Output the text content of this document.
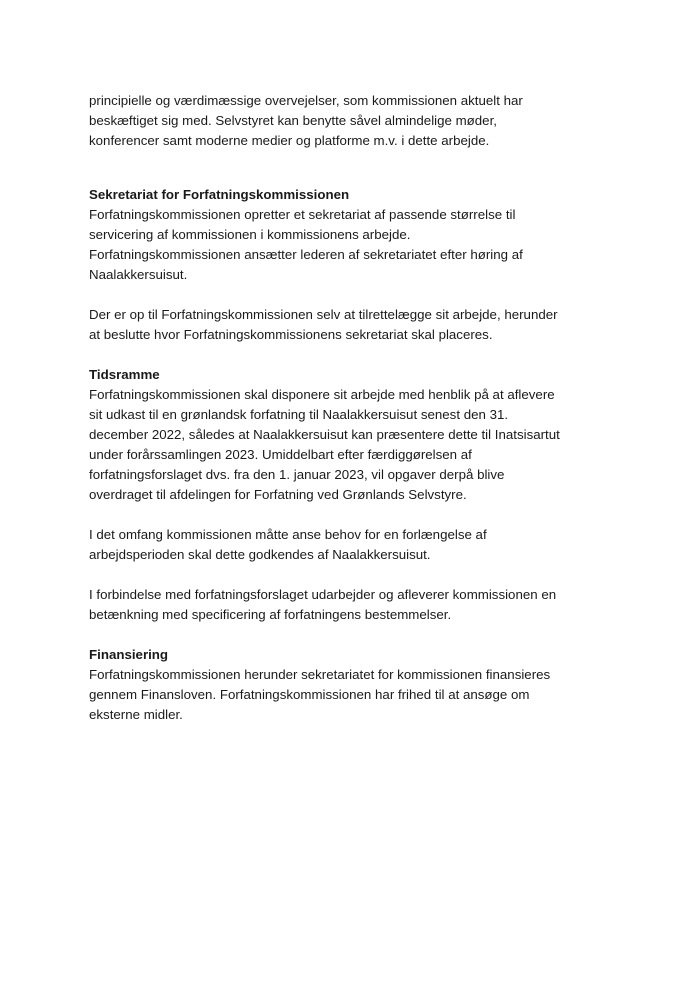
principielle og værdimæssige overvejelser, som kommissionen aktuelt har
beskæftiget sig med. Selvstyret kan benytte såvel almindelige møder,
konferencer samt moderne medier og platforme m.v. i dette arbejde.
Sekretariat for Forfatningskommissionen
Forfatningskommissionen opretter et sekretariat af passende størrelse til
servicering af kommissionen i kommissionens arbejde.
Forfatningskommissionen ansætter lederen af sekretariatet efter høring af
Naalakkersuisut.
Der er op til Forfatningskommissionen selv at tilrettelægge sit arbejde, herunder
at beslutte hvor Forfatningskommissionens sekretariat skal placeres.
Tidsramme
Forfatningskommissionen skal disponere sit arbejde med henblik på at aflevere
sit udkast til en grønlandsk forfatning til Naalakkersuisut senest den 31.
december 2022, således at Naalakkersuisut kan præsentere dette til Inatsisartut
under forårssamlingen 2023. Umiddelbart efter færdiggørelsen af
forfatningsforslaget dvs. fra den 1. januar 2023, vil opgaver derpå blive
overdraget til afdelingen for Forfatning ved Grønlands Selvstyre.
I det omfang kommissionen måtte anse behov for en forlængelse af
arbejdsperioden skal dette godkendes af Naalakkersuisut.
I forbindelse med forfatningsforslaget udarbejder og afleverer kommissionen en
betænkning med specificering af forfatningens bestemmelser.
Finansiering
Forfatningskommissionen herunder sekretariatet for kommissionen finansieres
gennem Finansloven. Forfatningskommissionen har frihed til at ansøge om
eksterne midler.
